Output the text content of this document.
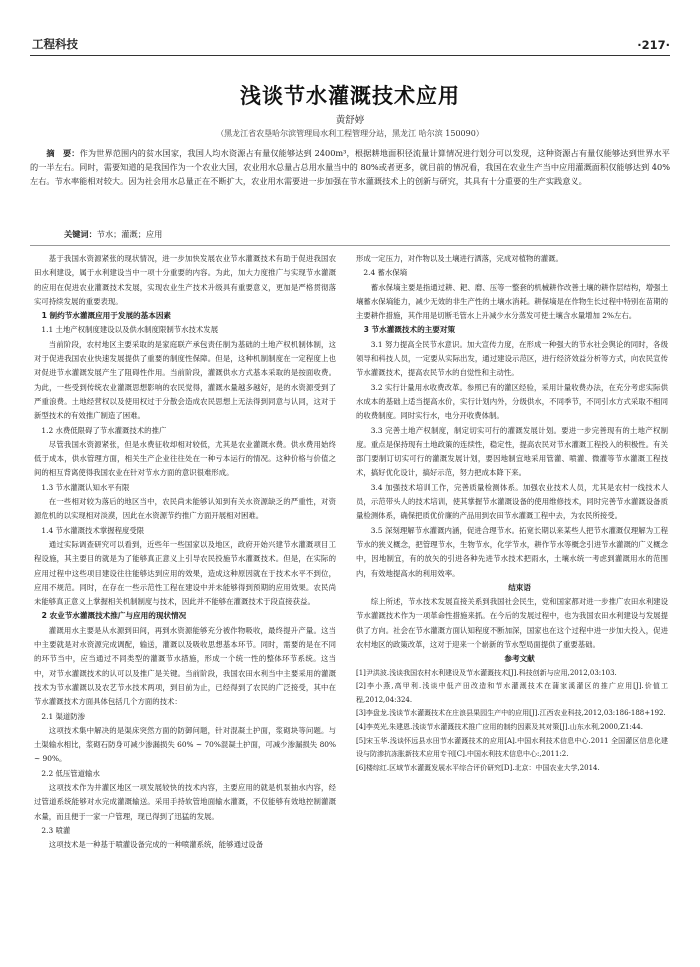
工程科技	·217·
浅谈节水灌溉技术应用
黄舒婷
（黑龙江省农垦哈尔滨管理局水利工程管理分站，黑龙江 哈尔滨 150090）
摘　要：作为世界范围内的贫水国家，我国人均水资源占有量仅能够达到 2400m³，根据耕地面积径流量计算情况进行划分可以发现，这种资源占有量仅能够达到世界水平的一半左右。同时，需要知道的是我国作为一个农业大国，农业用水总量占总用水量当中的 80%或者更多，就目前的情况看，我国在农业生产当中应用灌溉面积仅能够达到 40%左右。节水率能相对较大。因为社会用水总量正在不断扩大，农业用水需要进一步加强在节水灌溉技术上的创新与研究，其具有十分重要的生产实践意义。
关键词：节水；灌溉；应用

基于我国水资源紧张的现状情况，进一步加快发展农业节水灌溉技术有助于促进我国农田水利建设，属于水利建设当中一项十分重要的内容。为此，加大力度推广与实现节水灌溉的应用在促进农业灌溉技术发展，实现农业生产技术升级具有重要意义，更加是严格贯彻落实可持续发展的重要表现。

1 制约节水灌溉应用于发展的基本因素

1.1 土地产权制度建设以及供水制度限制节水技术发展

当前阶段，农村地区主要采取的是家庭联产承包责任制为基础的土地产权机制体制，这对于促进我国农业快速发展提供了重要的制度性保障。但是，这种机制制度在一定程度上也对促进节水灌溉发展产生了阻碍性作用。当前阶段，灌溉供水方式基本采取的是按面收费。为此，一些受到传统农业灌溉思想影响的农民觉得，灌溉水量越多越好，是的水资源受到了严重浪费。土地经营权以及使用权过于分散会造成农民思想上无法得到同意与认同，这对于新型技术的有效推广制造了困难。

1.2 水费低限碍了节水灌溉技术的推广

尽管我国水资源紧张，但是水费征收却相对较低，尤其是农业灌溉水费。供水费用始终低于成本，供水管理方面，相关生产企业往往处在一种亏本运行的情况。这种价格与价值之间的相互背离使得我国农业在针对节水方面的意识很难形成。

1.3 节水灌溉认知水平有限

在一些相对较为落后的地区当中，农民尚未能够认知到有关水资源缺乏的严重性，对资源危机的以实现相对淡漠，因此在水资源节约推广方面开展相对困难。

1.4 节水灌溉技术掌握程度受限

通过实际调查研究可以看到，近些年一些国家以及地区，政府开始兴建节水灌溉项目工程设施，其主要目的就是为了能够真正意义上引导农民投施节水灌溉技术。但是，在实际的应用过程中这些项目建设往往能够达到应用的效果，造成这种原因就在于技术水平不到位，应用不规范。同时，在存在一些示范性工程在建设中并未能够得到预期的应用效果。农民尚未能够真正意义上掌握相关机制制度与技术，因此并不能够在灌溉技术于段直接获益。

2 农业节水灌溉技术推广与应用的现状情况

灌溉用水主要是从水源到田间，再到水资源能够充分被作物吸收，最终提升产量。这当中主要就是对水资源完成调配，输送，灌溉以及吸收思想基本环节。同时，需要的是在不同的环节当中，应当通过不同类型的灌溉节水措施，形成一个统一性的整体环节系统。这当中，对节水灌溉技术的认可以及推广是关键。当前阶段，我国农田水利当中主要采用的灌溉技术为节水灌溉以及农艺节水技术两项，到目前为止，已经得到了农民的广泛接受，其中在节水灌溉技术方面具体包括几个方面的技术：

2.1 渠道防渗

这项技术集中解决的是渠床突然方面的防御问题，针对混凝土护面，浆砌块等问题。与土渠输水相比，浆砌石防身可减少渗漏损失 60% ~ 70%混凝土护面，可减少渗漏损失 80% ~ 90%。

2.2 低压管道输水

这项技术作为井灌区地区一项发展较快的技术内容，主要应用的就是机泵抽水内容，经过管道系统能够对水完成灌溉输送。采用手持软管地面输水灌溉，不仅能够有效地控制灌溉水量，而且便于一家一户管理，现已得到了迅猛的发展。

2.3 喷灌

这项技术是一种基于喷灌设备完成的一种喷灌系统，能够通过设备

形成一定压力，对作物以及土壤进行洒落，完成对植物的灌溉。

2.4 蓄水保墒

蓄水保墒主要是指通过耕、耙、磨、压等一整套的机械耕作改善土壤的耕作层结构，增强土壤蓄水保墒能力，减少无效的非生产性的土壤水消耗。耕保墒是在作物生长过程中特别在苗期的主要耕作措施，其作用是切断毛管水上升减少水分蒸发可使土壤含水量增加 2%左右。

3 节水灌溉技术的主要对策

3.1 努力提高全民节水意识。加大宣传力度，在形成一种强大的节水社会舆论的同时，各级领导和科技人员，一定要从实际出发，通过建设示范区，进行经济效益分析等方式，向农民宣传节水灌溉技术，提高农民节水的自觉性和主动性。

3.2 实行计量用水收费改革。参照已有的灌区经验，采用计量收费办法，在充分考虑实际供水成本的基础上适当提高水价，实行计划内外，分级供水，不同季节，不同引水方式采取不相同的收费制度。同时实行水，电分开收费体制。

3.3 完善土地产权制度，制定切实可行的灌溉发展计划。要进一步完善现有的土地产权制度。重点是保持现有土地政策的连续性，稳定性，提高农民对节水灌溉工程投入的积极性。有关部门要制订切实可行的灌溉发展计划，要因地制宜地采用管灌、喷灌、微灌等节水灌溉工程技术，搞好优化设计，搞好示范，努力把成本降下来。

3.4 加强技术培训工作，完善质量检测体系。加强农业技术人员，尤其是农村一线技术人员，示范带头人的技术培训，使其掌握节水灌溉设备的使用维修技术，同时完善节水灌溉设备质量检测体系，确保把质优价廉的产品用到农田节水灌溉工程中去，为农民所接受。

3.5 深刻理解节水灌溉内涵，促进合理节水。拓宽长期以来某些人把节水灌溉仅理解为工程节水的狭义概念，把管理节水，生物节水，化学节水，耕作节水等概念引进节水灌溉的广义概念中，因地制宜，有的放矢的引进各种先进节水技术把雨水，土壤水统一考虑到灌溉用水的范围内，有效地提高水的利用效率。

结束语

综上所述，节水技术发展直接关系到我国社会民生，党和国家都对进一步推广农田水利建设节水灌溉技术作为一项革命性措施来抓。在今后的发展过程中，也为我国农田水利建设与发展提供了方向。社会在节水灌溉方面认知程度不断加深，国家也在这个过程中进一步加大投入，促进农村地区的政策改革，这对于迎来一个崭新的节水型局面提供了重要基础。

参考文献

[1]尹洪波.浅谈我国农村水利建设及节水灌溉技术[J].科技创新与应用,2012,03:103.

[2]李小燕,高甲利.浅谈中低产田改造和节水灌溉技术在蒲家溪灌区的推广应用[J].价值工程,2012,04:324.

[3]李盘龙.浅谈节水灌溉技术在庄浪县果园生产中的应用[J].江西农业科技,2012,03:186-188+192.

[4]李英光,朱建恩.浅谈节水灌溉技术推广应用的制约因素及其对策[J].山东水利,2000,Z1:44.

[5]宋玉华.浅谈怀远县水田节水灌溉技术的应用[A].中国水利技术信息中心.2011 全国灌区信息化建设与防渗抗冻胀新技术应用专刊[C].中国水利技术信息中心:,2011:2.

[6]楼综红.区域节水灌溉发展水平综合评价研究[D].北京：中国农业大学,2014.
